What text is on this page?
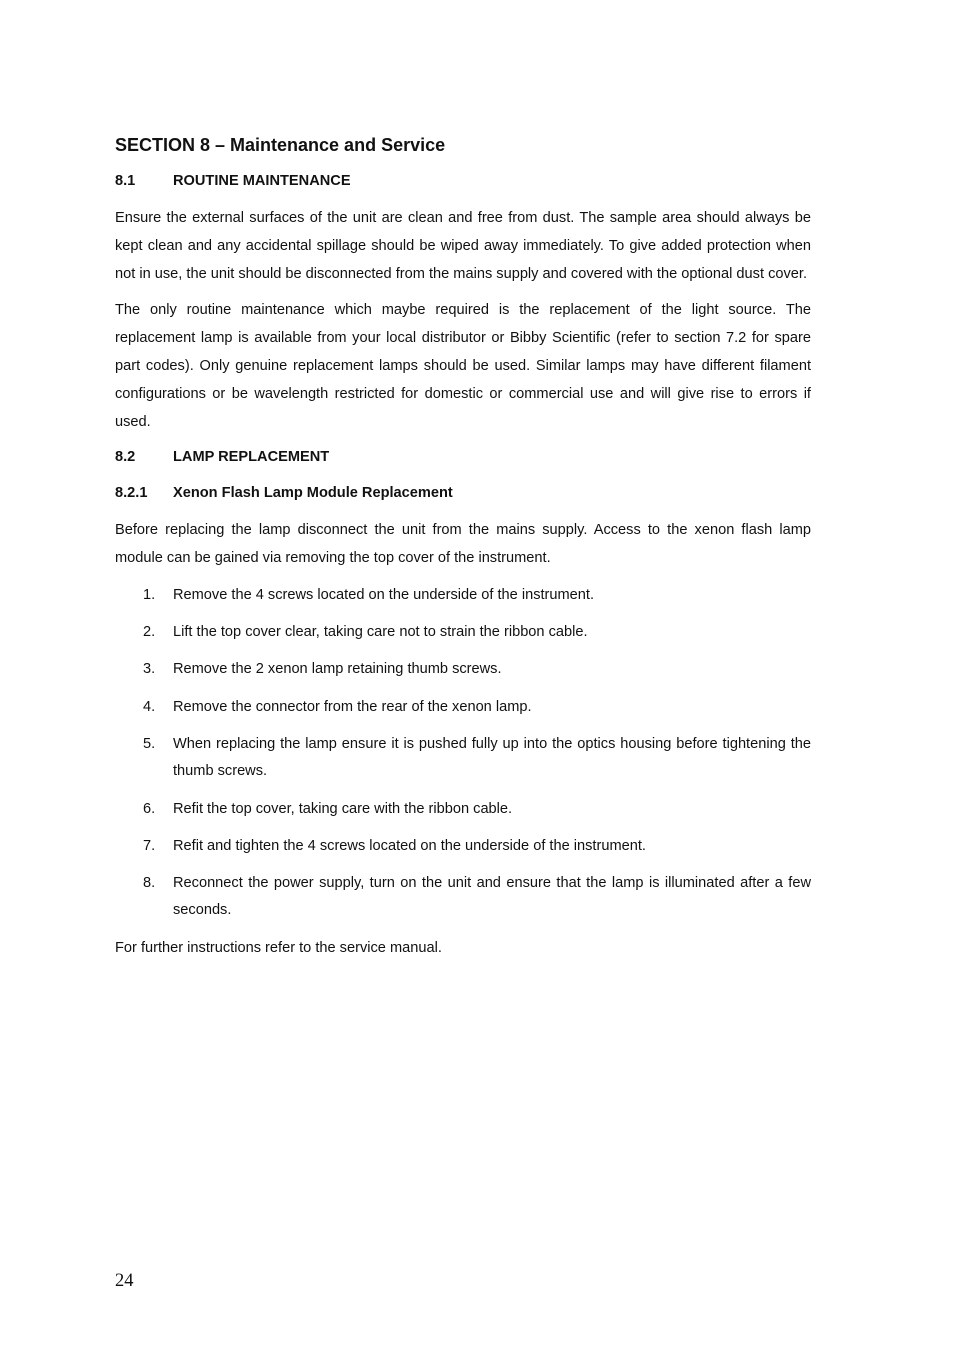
SECTION 8 – Maintenance and Service
8.1	ROUTINE MAINTENANCE

Ensure the external surfaces of the unit are clean and free from dust. The sample area should always be kept clean and any accidental spillage should be wiped away immediately. To give added protection when not in use, the unit should be disconnected from the mains supply and covered with the optional dust cover.

The only routine maintenance which maybe required is the replacement of the light source. The replacement lamp is available from your local distributor or Bibby Scientific (refer to section 7.2 for spare part codes). Only genuine replacement lamps should be used. Similar lamps may have different filament configurations or be wavelength restricted for domestic or commercial use and will give rise to errors if used.

8.2	LAMP REPLACEMENT
8.2.1	Xenon Flash Lamp Module Replacement

Before replacing the lamp disconnect the unit from the mains supply. Access to the xenon flash lamp module can be gained via removing the top cover of the instrument.

1.	Remove the 4 screws located on the underside of the instrument.
2.	Lift the top cover clear, taking care not to strain the ribbon cable.
3.	Remove the 2 xenon lamp retaining thumb screws.
4.	Remove the connector from the rear of the xenon lamp.
5.	When replacing the lamp ensure it is pushed fully up into the optics housing before tightening the thumb screws.
6.	Refit the top cover, taking care with the ribbon cable.
7.	Refit and tighten the 4 screws located on the underside of the instrument.
8.	Reconnect the power supply, turn on the unit and ensure that the lamp is illuminated after a few seconds.

For further instructions refer to the service manual.

24
